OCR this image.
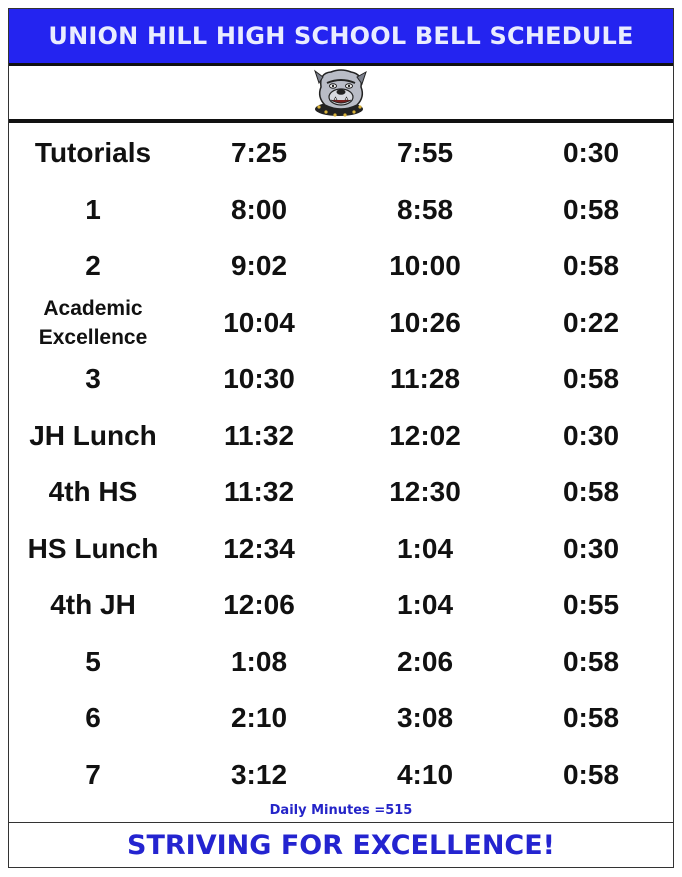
UNION HILL HIGH SCHOOL BELL SCHEDULE
Tutorials	7:25	7:55	0:30
1	8:00	8:58	0:58
2	9:02	10:00	0:58
Academic
Excellence	10:04	10:26	0:22
3	10:30	11:28	0:58
JH Lunch 11:32	12:02	0:30
4th HS	11:32	12:30	0:58
HS Lunch 12:34	1:04	0:30
4th JH	12:06	1:04	0:55
5	1:08	2:06	0:58
6	2:10	3:08	0:58
7	3:12	4:10	0:58
Daily Minutes =515
STRIVING FOR EXCELLENCE!
